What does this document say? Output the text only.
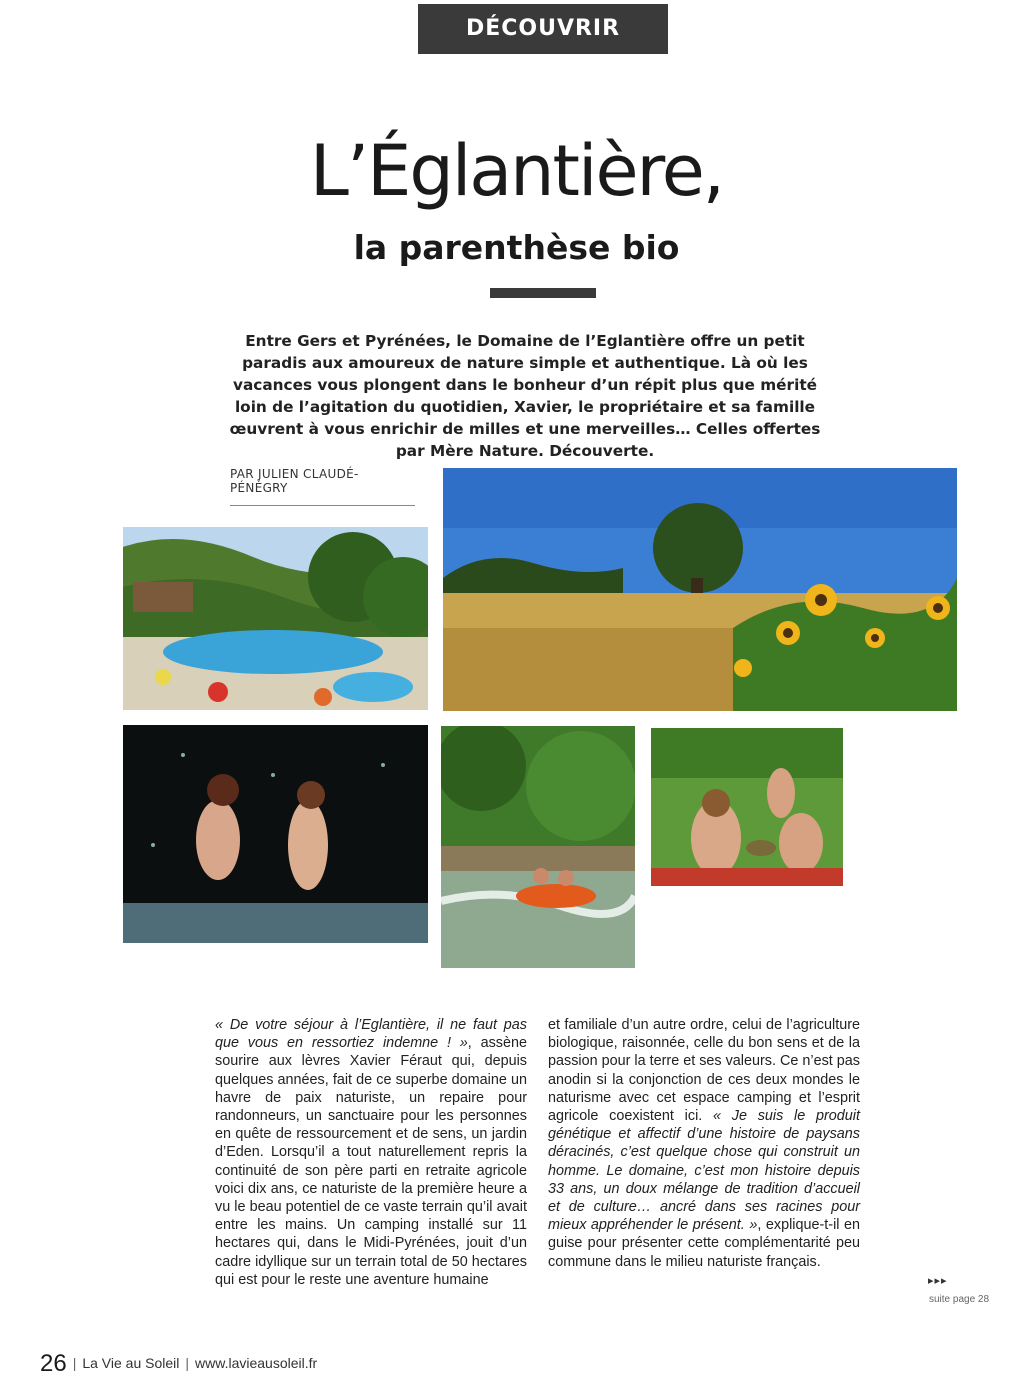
DÉCOUVRIR
L’Églantière,
la parenthèse bio

Entre Gers et Pyrénées, le Domaine de l’Eglantière offre un petit paradis aux amoureux de nature simple et authentique. Là où les vacances vous plongent dans le bonheur d’un répit plus que mérité loin de l’agitation du quotidien, Xavier, le propriétaire et sa famille œuvrent à vous enrichir de milles et une merveilles… Celles offertes par Mère Nature. Découverte.

PAR JULIEN CLAUDÉ-PÉNÉGRY

« De votre séjour à l’Eglantière, il ne faut pas que vous en ressortiez indemne ! », assène sourire aux lèvres Xavier Féraut qui, depuis quelques années, fait de ce superbe domaine un havre de paix naturiste, un repaire pour randonneurs, un sanctuaire pour les personnes en quête de ressourcement et de sens, un jardin d’Eden. Lorsqu’il a tout naturellement repris la continuité de son père parti en retraite agricole voici dix ans, ce naturiste de la première heure a vu le beau potentiel de ce vaste terrain qu’il avait entre les mains. Un camping installé sur 11 hectares qui, dans le Midi-Pyrénées, jouit d’un cadre idyllique sur un terrain total de 50 hectares qui est pour le reste une aventure humaine

et familiale d’un autre ordre, celui de l’agriculture biologique, raisonnée, celle du bon sens et de la passion pour la terre et ses valeurs. Ce n’est pas anodin si la conjonction de ces deux mondes le naturisme avec cet espace camping et l’esprit agricole coexistent ici. « Je suis le produit génétique et affectif d’une histoire de paysans déracinés, c’est quelque chose qui construit un homme. Le domaine, c’est mon histoire depuis 33 ans, un doux mélange de tradition d’accueil et de culture… ancré dans ses racines pour mieux appréhender le présent. », explique-t-il en guise pour présenter cette complémentarité peu commune dans le milieu naturiste français.

▸▸▸
suite page 28
26 | La Vie au Soleil | www.lavieausoleil.fr
